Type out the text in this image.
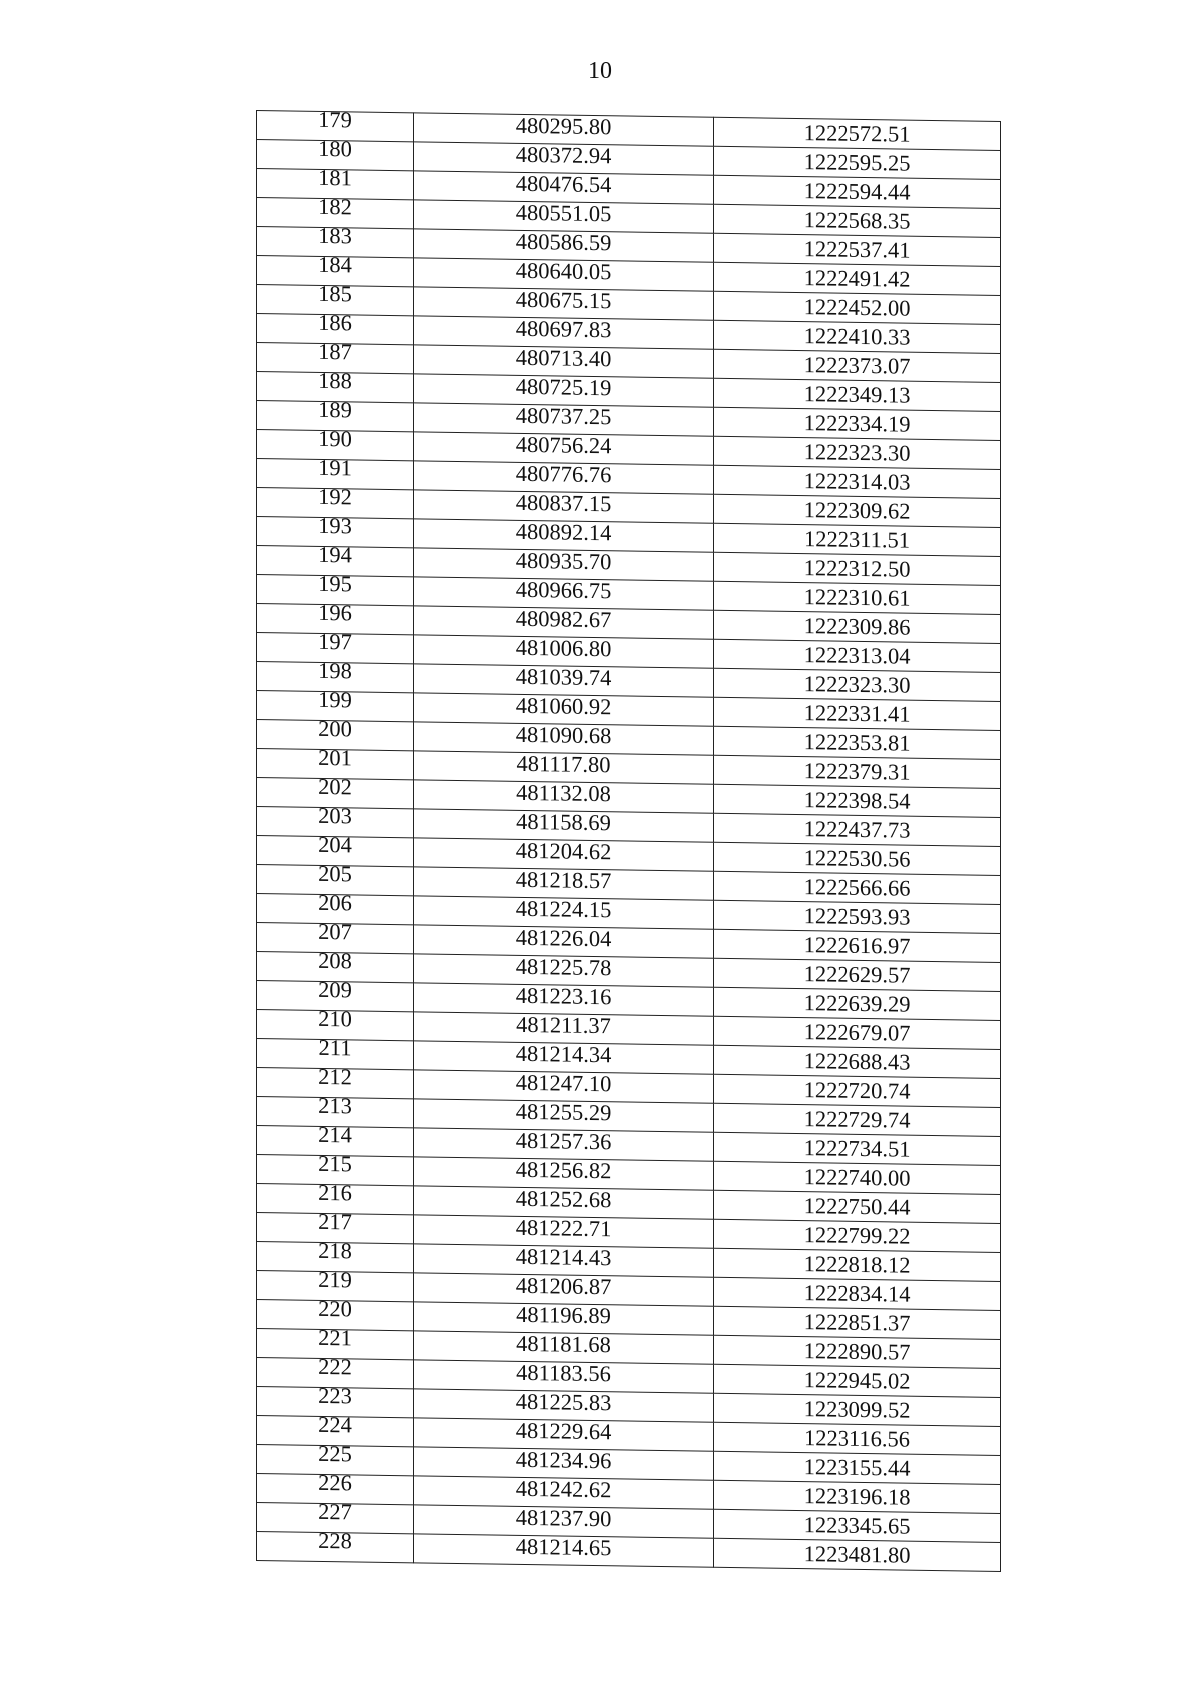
10
179	480295.80	1222572.51
180	480372.94	1222595.25
181	480476.54	1222594.44
182	480551.05	1222568.35
183	480586.59	1222537.41
184	480640.05	1222491.42
185	480675.15	1222452.00
186	480697.83	1222410.33
187	480713.40	1222373.07
188	480725.19	1222349.13
189	480737.25	1222334.19
190	480756.24	1222323.30
191	480776.76	1222314.03
192	480837.15	1222309.62
193	480892.14	1222311.51
194	480935.70	1222312.50
195	480966.75	1222310.61
196	480982.67	1222309.86
197	481006.80	1222313.04
198	481039.74	1222323.30
199	481060.92	1222331.41
200	481090.68	1222353.81
201	481117.80	1222379.31
202	481132.08	1222398.54
203	481158.69	1222437.73
204	481204.62	1222530.56
205	481218.57	1222566.66
206	481224.15	1222593.93
207	481226.04	1222616.97
208	481225.78	1222629.57
209	481223.16	1222639.29
210	481211.37	1222679.07
211	481214.34	1222688.43
212	481247.10	1222720.74
213	481255.29	1222729.74
214	481257.36	1222734.51
215	481256.82	1222740.00
216	481252.68	1222750.44
217	481222.71	1222799.22
218	481214.43	1222818.12
219	481206.87	1222834.14
220	481196.89	1222851.37
221	481181.68	1222890.57
222	481183.56	1222945.02
223	481225.83	1223099.52
224	481229.64	1223116.56
225	481234.96	1223155.44
226	481242.62	1223196.18
227	481237.90	1223345.65
228	481214.65	1223481.80
